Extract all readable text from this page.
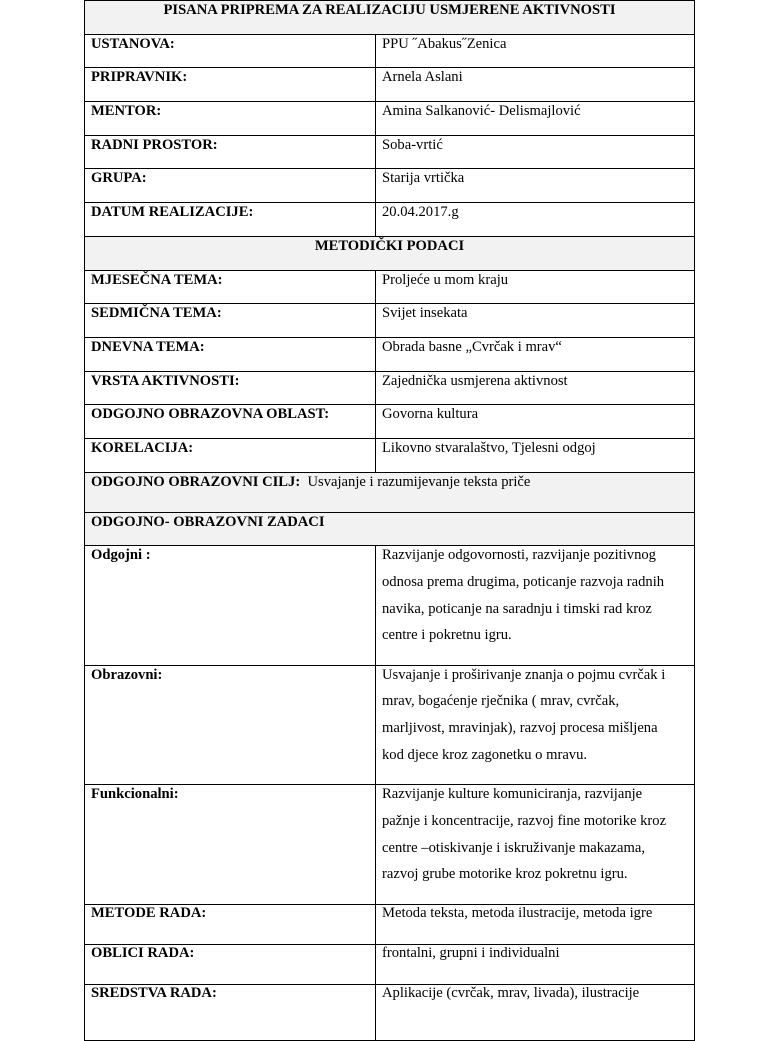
PISANA PRIPREMA ZA REALIZACIJU USMJERENE AKTIVNOSTI	
USTANOVA:	PPU ˝Abakus˝Zenica
PRIPRAVNIK:	Arnela Aslani
MENTOR:	Amina Salkanović- Delismajlović
RADNI PROSTOR:	Soba-vrtić
GRUPA:	Starija vrtička
DATUM REALIZACIJE:	20.04.2017.g
METODIČKI PODACI	
MJESEČNA TEMA:	Proljeće u mom kraju
SEDMIČNA TEMA:	Svijet insekata
DNEVNA TEMA:	Obrada basne „Cvrčak i mrav“
VRSTA AKTIVNOSTI:	Zajednička usmjerena aktivnost
ODGOJNO OBRAZOVNA OBLAST:	Govorna kultura
KORELACIJA:	Likovno stvaralaštvo, Tjelesni odgoj
ODGOJNO OBRAZOVNI CILJ: Usvajanje i razumijevanje teksta priče	
ODGOJNO- OBRAZOVNI ZADACI	
Odgojni :	Razvijanje odgovornosti, razvijanje pozitivnog
odnosa prema drugima, poticanje razvoja radnih
navika, poticanje na saradnju i timski rad kroz
centre i pokretnu igru.

Obrazovni:	Usvajanje i proširivanje znanja o pojmu cvrčak i
mrav, bogaćenje rječnika ( mrav, cvrčak,
marljivost, mravinjak), razvoj procesa mišljena
kod djece kroz zagonetku o mravu.

Funkcionalni:	Razvijanje kulture komuniciranja, razvijanje
pažnje i koncentracije, razvoj fine motorike kroz
centre –otiskivanje i iskruživanje makazama,
razvoj grube motorike kroz pokretnu igru.

METODE RADA:	Metoda teksta, metoda ilustracije, metoda igre
OBLICI RADA:	frontalni, grupni i individualni
SREDSTVA RADA:	Aplikacije (cvrčak, mrav, livada), ilustracije
